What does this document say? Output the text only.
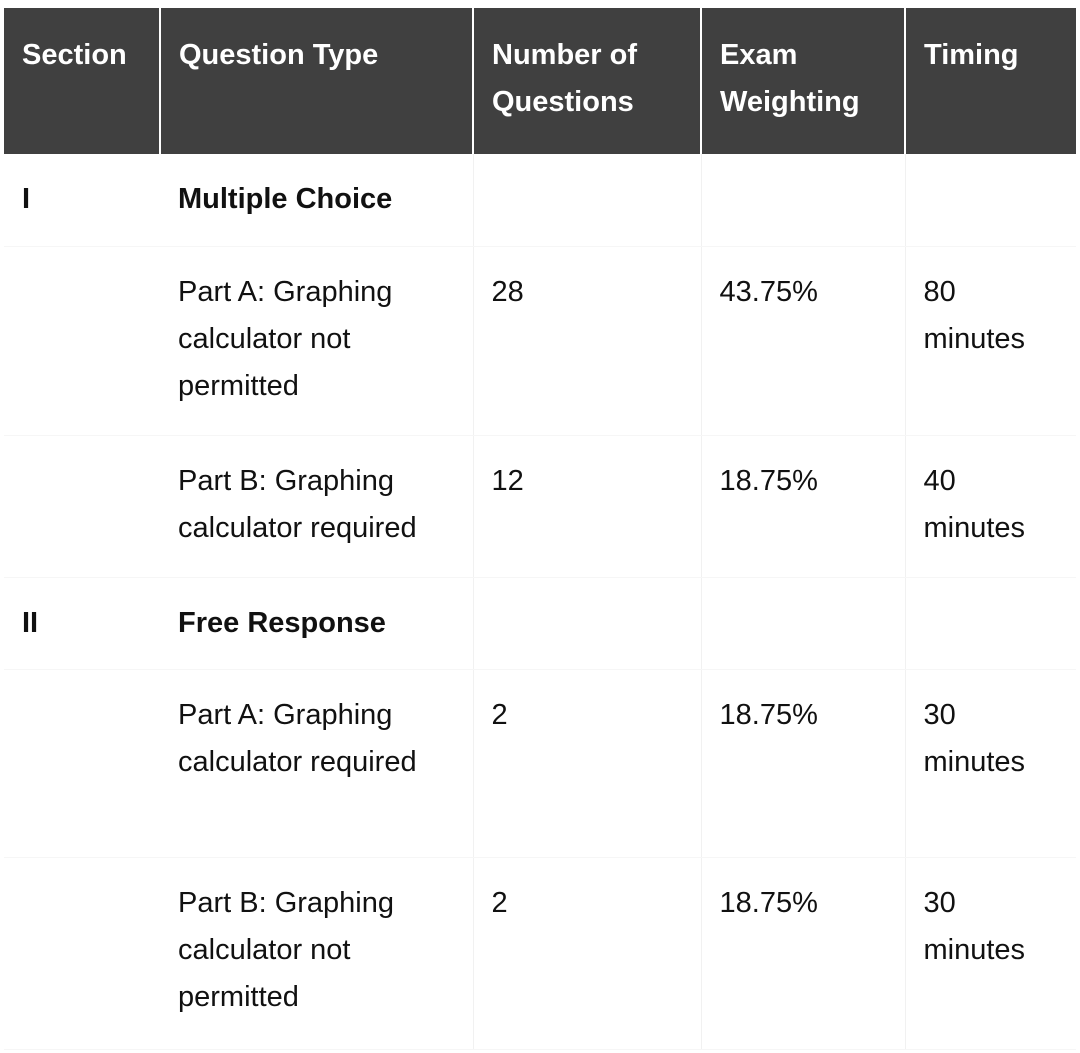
Section	Question Type	Number of Questions	Exam Weighting	Timing
I	Multiple Choice			
	Part A: Graphing calculator not permitted	28	43.75%	80 minutes
	Part B: Graphing calculator required	12	18.75%	40 minutes
II	Free Response			
	Part A: Graphing calculator required	2	18.75%	30 minutes
	Part B: Graphing calculator not permitted	2	18.75%	30 minutes
